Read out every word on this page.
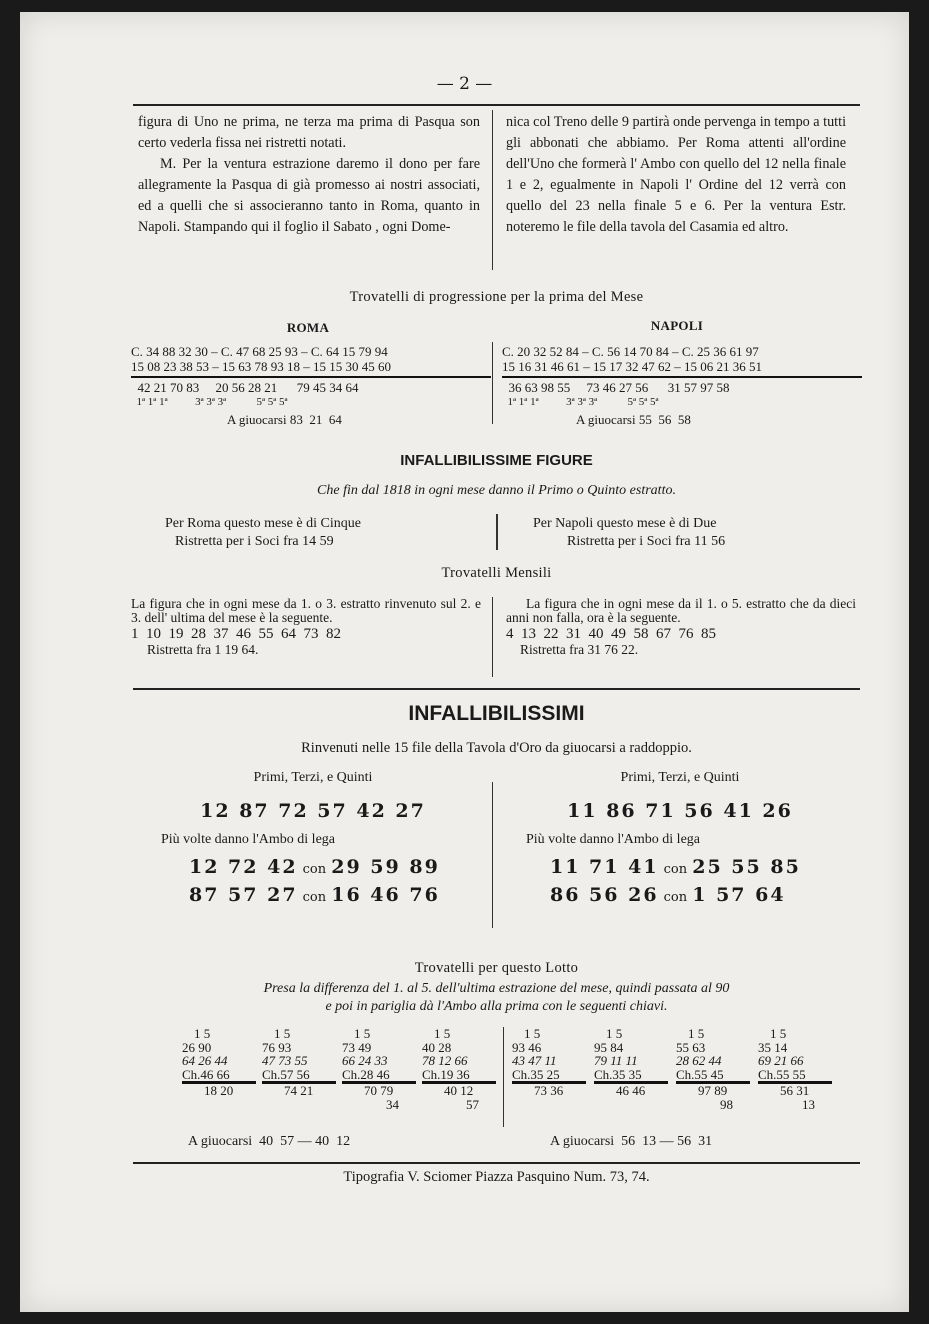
— 2 —

figura di Uno ne prima, ne terza ma prima di Pasqua son certo vederla fissa nei ristretti notati.

M. Per la ventura estrazione daremo il dono per fare allegramente la Pasqua di già promesso ai nostri associati, ed a quelli che si associeranno tanto in Roma, quanto in Napoli. Stampando qui il foglio il Sabato , ogni Dome-

nica col Treno delle 9 partirà onde pervenga in tempo a tutti gli abbonati che abbiamo. Per Roma attenti all'ordine dell'Uno che formerà l' Ambo con quello del 12 nella finale 1 e 2, egualmente in Napoli l' Ordine del 12 verrà con quello del 23 nella finale 5 e 6. Per la ventura Estr. noteremo le file della tavola del Casamia ed altro.

Trovatelli di progressione per la prima del Mese
ROMA	NAPOLI
C. 34 88 32 30 – C. 47 68 25 93 – C. 64 15 79 94
15 08 23 38 53 – 15 63 78 93 18 – 15 15 30 45 60
42 21 70 83     20 56 28 21      79 45 34 64
1ª 1ª 1ª          3ª 3ª 3ª           5ª 5ª 5ª
A giuocarsi 83  21  64
C. 20 32 52 84 – C. 56 14 70 84 – C. 25 36 61 97
15 16 31 46 61 – 15 17 32 47 62 – 15 06 21 36 51
36 63 98 55     73 46 27 56      31 57 97 58
1ª 1ª 1ª          3ª 3ª 3ª           5ª 5ª 5ª
A giuocarsi 55  56  58
INFALLIBILISSIME FIGURE
Che fin dal 1818 in ogni mese danno il Primo o Quinto estratto.
Per Roma questo mese è di Cinque
Ristretta per i Soci fra 14 59
Per Napoli questo mese è di Due
Ristretta per i Soci fra 11 56
Trovatelli Mensili
La figura che in ogni mese da 1. o 3. estratto rinvenuto sul 2. e 3. dell' ultima del mese è la seguente.
1  10  19  28  37  46  55  64  73  82
Ristretta fra 1 19 64.
La figura che in ogni mese da il 1. o 5. estratto che da dieci anni non falla, ora è la seguente.
4  13  22  31  40  49  58  67  76  85
Ristretta fra 31 76 22.
INFALLIBILISSIMI
Rinvenuti nelle 15 file della Tavola d'Oro da giuocarsi a raddoppio.
Primi, Terzi, e Quinti
12 87 72 57 42 27
Più volte danno l'Ambo di lega
12 72 42 con 29 59 89
87 57 27 con 16 46 76
Primi, Terzi, e Quinti
11 86 71 56 41 26
Più volte danno l'Ambo di lega
11 71 41 con 25 55 85
86 56 26 con 1 57 64
Trovatelli per questo Lotto
Presa la differenza del 1. al 5. dell'ultima estrazione del mese, quindi passata al 90
e poi in pariglia dà l'Ambo alla prima con le seguenti chiavi.
1 5
26 90
64 26 44
Ch.46 66
18 20
1 5
76 93
47 73 55
Ch.57 56
74 21
1 5
73 49
66 24 33
Ch.28 46
70 79
34
1 5
40 28
78 12 66
Ch.19 36
40 12
57
1 5
93 46
43 47 11
Ch.35 25
73 36
1 5
95 84
79 11 11
Ch.35 35
46 46
1 5
55 63
28 62 44
Ch.55 45
97 89
98
1 5
35 14
69 21 66
Ch.55 55
56 31
13
A giuocarsi  40  57 — 40  12	A giuocarsi  56  13 — 56  31
Tipografia V. Sciomer Piazza Pasquino Num. 73, 74.
